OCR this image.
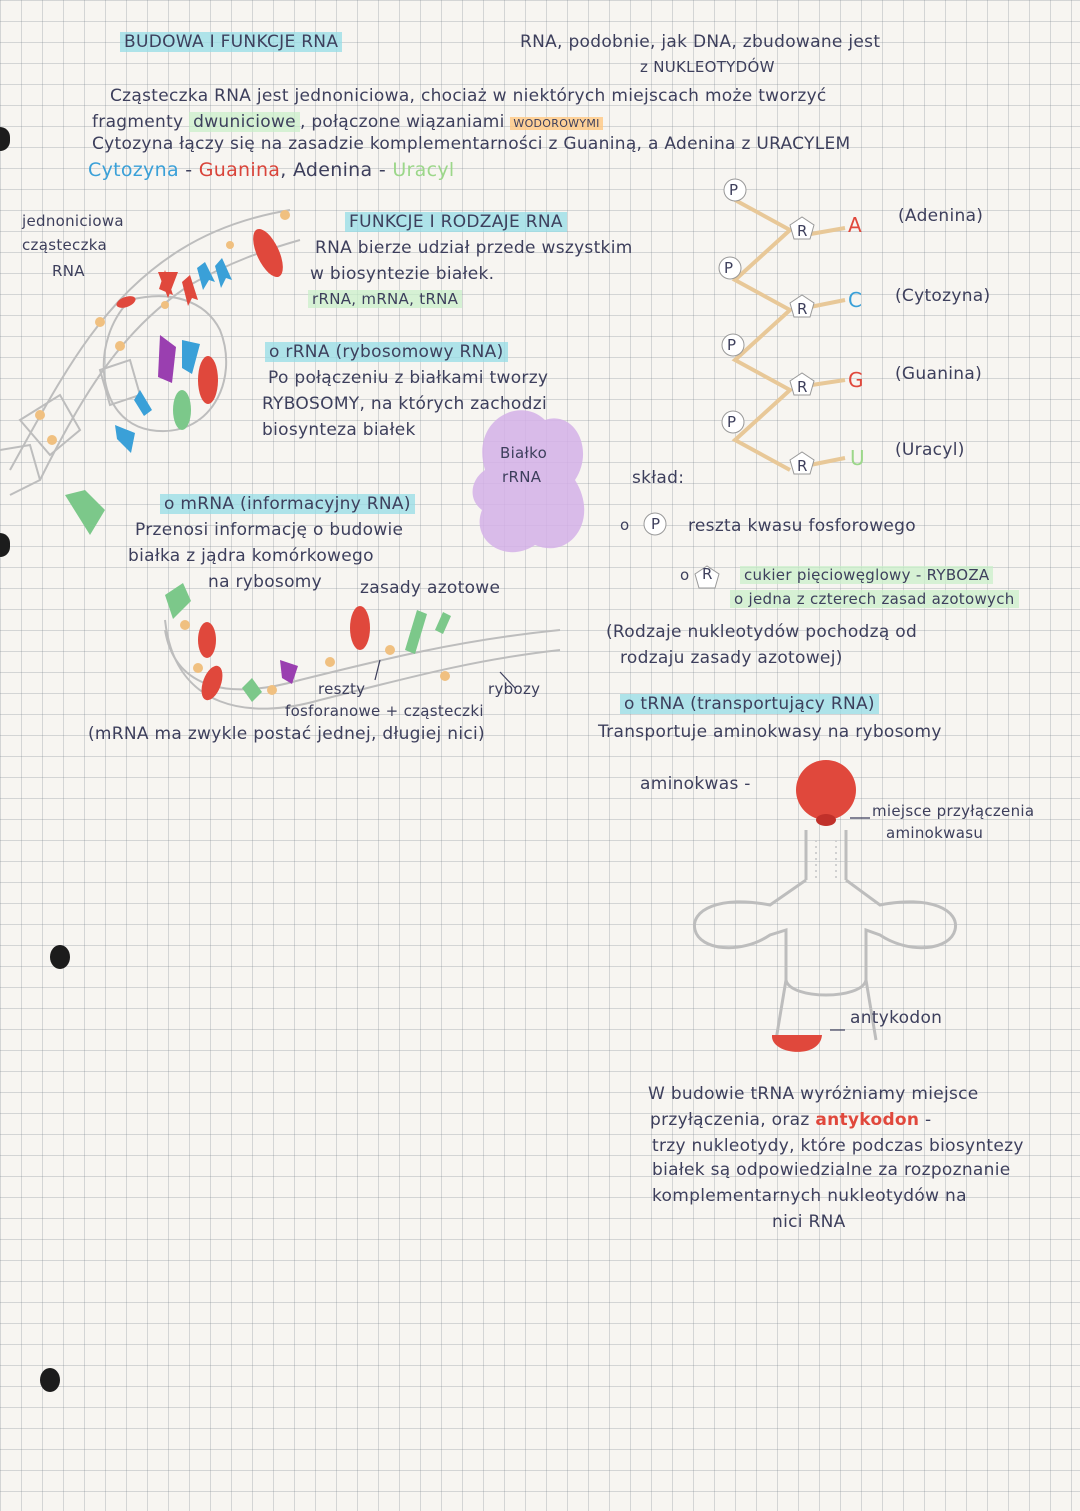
BUDOWA I FUNKCJE RNA	RNA, podobnie, jak DNA, zbudowane jest
z NUKLEOTYDÓW
Cząsteczka RNA jest jednoniciowa, chociaż w niektórych miejscach może tworzyć
fragmenty dwuniciowe , połączone wiązaniami WODOROWYMI
Cytozyna łączy się na zasadzie komplementarności z Guaniną, a Adenina z URACYLEM
Cytozyna - Guanina, Adenina - Uracyl
jednoniciowa
cząsteczka
RNA
FUNKCJE I RODZAJE RNA
RNA bierze udział przede wszystkim
w biosyntezie białek.
rRNA, mRNA, tRNA
o rRNA (rybosomowy RNA)
Po połączeniu z białkami tworzy
RYBOSOMY, na których zachodzi
biosynteza białek
Białko
rRNA
o mRNA (informacyjny RNA)
Przenosi informację o budowie
białka z jądra komórkowego
na rybosomy zasady azotowe
reszty	rybozy
fosforanowe + cząsteczki
(mRNA ma zwykle postać jednej, długiej nici)
P
P
P
P
R
R
R
R
A (Adenina)
C (Cytozyna)
G (Guanina)
U (Uracyl)
skład:
o P reszta kwasu fosforowego
o R cukier pięciowęglowy - RYBOZA
o jedna z czterech zasad azotowych
(Rodzaje nukleotydów pochodzą od
rodzaju zasady azotowej)
o tRNA (transportujący RNA)
Transportuje aminokwasy na rybosomy
aminokwas -
miejsce przyłączenia
aminokwasu
antykodon
W budowie tRNA wyróżniamy miejsce
przyłączenia, oraz antykodon -
trzy nukleotydy, które podczas biosyntezy
białek są odpowiedzialne za rozpoznanie
komplementarnych nukleotydów na
nici RNA
